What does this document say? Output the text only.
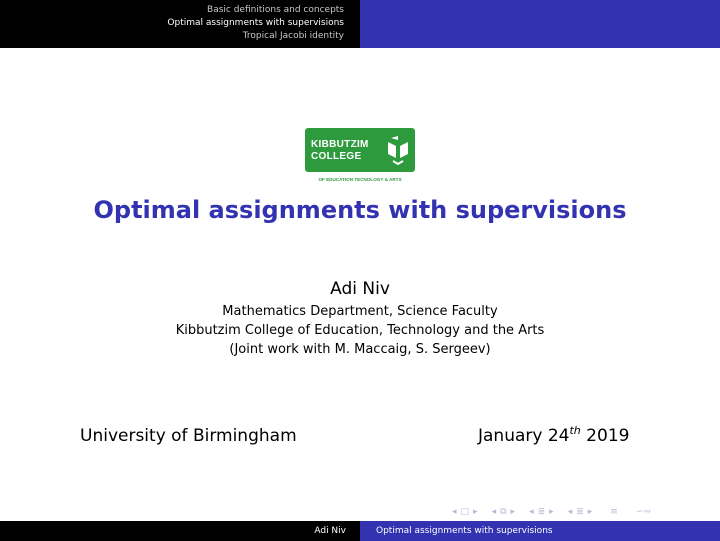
Basic definitions and concepts
Optimal assignments with supervisions
Tropical Jacobi identity
KIBBUTZIM
COLLEGE
OF EDUCATION TECNOLOGY & ARTS
Optimal assignments with supervisions
Adi Niv
Mathematics Department, Science Faculty
Kibbutzim College of Education, Technology and the Arts
(Joint work with M. Maccaig, S. Sergeev)
University of Birmingham	January 24th 2019
◂ □ ▸ ◂ ⧉ ▸ ◂ ≣ ▸ ◂ ≣ ▸ ≡ ∽∾
Adi Niv	Optimal assignments with supervisions
